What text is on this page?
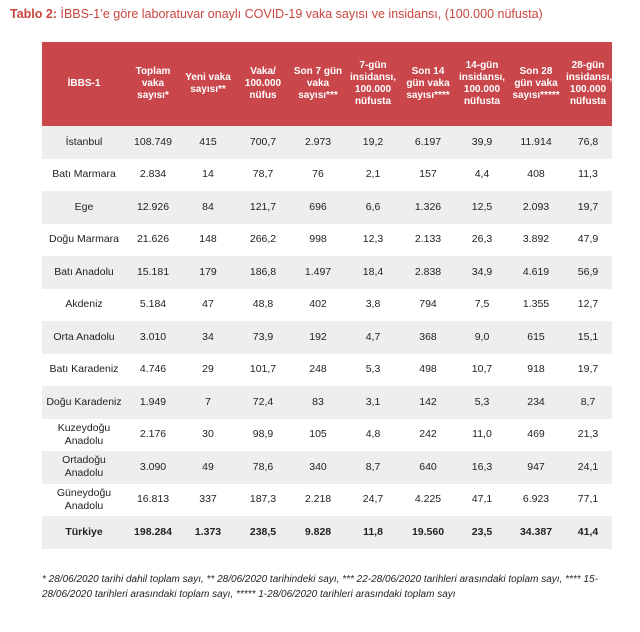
Tablo 2: İBBS-1’e göre laboratuvar onaylı COVID-19 vaka sayısı ve insidansı, (100.000 nüfusta)
İBBS-1	Toplam vaka sayısı*	Yeni vaka sayısı**	Vaka/ 100.000 nüfus	Son 7 gün vaka sayısı***	7-gün insidansı, 100.000 nüfusta	Son 14 gün vaka sayısı****	14-gün insidansı, 100.000 nüfusta	Son 28 gün vaka sayısı*****	28-gün insidansı, 100.000 nüfusta
İstanbul	108.749	415	700,7	2.973	19,2	6.197	39,9	11.914	76,8
Batı Marmara	2.834	14	78,7	76	2,1	157	4,4	408	11,3
Ege	12.926	84	121,7	696	6,6	1.326	12,5	2.093	19,7
Doğu Marmara	21.626	148	266,2	998	12,3	2.133	26,3	3.892	47,9
Batı Anadolu	15.181	179	186,8	1.497	18,4	2.838	34,9	4.619	56,9
Akdeniz	5.184	47	48,8	402	3,8	794	7,5	1.355	12,7
Orta Anadolu	3.010	34	73,9	192	4,7	368	9,0	615	15,1
Batı Karadeniz	4.746	29	101,7	248	5,3	498	10,7	918	19,7
Doğu Karadeniz	1.949	7	72,4	83	3,1	142	5,3	234	8,7
Kuzeydoğu Anadolu	2.176	30	98,9	105	4,8	242	11,0	469	21,3
Ortadoğu Anadolu	3.090	49	78,6	340	8,7	640	16,3	947	24,1
Güneydoğu Anadolu	16.813	337	187,3	2.218	24,7	4.225	47,1	6.923	77,1
Türkiye	198.284	1.373	238,5	9.828	11,8	19.560	23,5	34.387	41,4
* 28/06/2020 tarihi dahil toplam sayı, ** 28/06/2020 tarihindeki sayı, *** 22-28/06/2020 tarihleri arasındaki toplam sayı, **** 15-28/06/2020 tarihleri arasındaki toplam sayı, ***** 1-28/06/2020 tarihleri arasındaki toplam sayı
